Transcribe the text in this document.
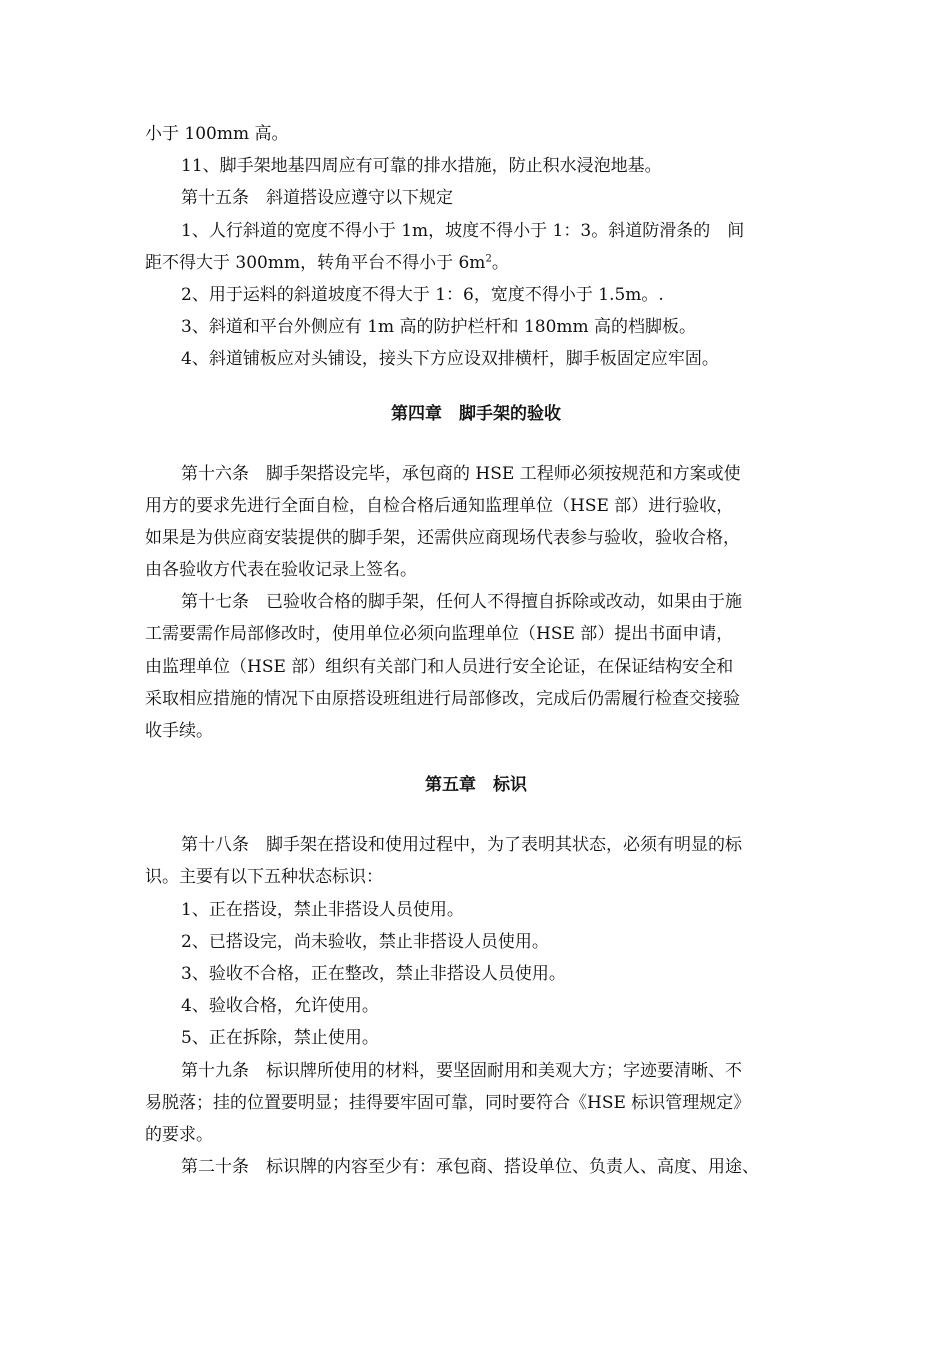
小于 100mm 高。
11、脚手架地基四周应有可靠的排水措施，防止积水浸泡地基。
第十五条　斜道搭设应遵守以下规定
1、人行斜道的宽度不得小于 1m，坡度不得小于 1：3。斜道防滑条的　间
距不得大于 300mm，转角平台不得小于 $6m^2$。
2、用于运料的斜道坡度不得大于 1：6，宽度不得小于 1.5m。.
3、斜道和平台外侧应有 1m 高的防护栏杆和 180mm 高的档脚板。
4、斜道铺板应对头铺设，接头下方应设双排横杆，脚手板固定应牢固。
第四章　脚手架的验收
第十六条　脚手架搭设完毕，承包商的 HSE 工程师必须按规范和方案或使
用方的要求先进行全面自检，自检合格后通知监理单位（HSE 部）进行验收，
如果是为供应商安装提供的脚手架，还需供应商现场代表参与验收，验收合格，
由各验收方代表在验收记录上签名。
第十七条　已验收合格的脚手架，任何人不得擅自拆除或改动，如果由于施
工需要需作局部修改时，使用单位必须向监理单位（HSE 部）提出书面申请，
由监理单位（HSE 部）组织有关部门和人员进行安全论证，在保证结构安全和
采取相应措施的情况下由原搭设班组进行局部修改，完成后仍需履行检查交接验
收手续。
第五章　标识
第十八条　脚手架在搭设和使用过程中，为了表明其状态，必须有明显的标
识。主要有以下五种状态标识：
1、正在搭设，禁止非搭设人员使用。
2、已搭设完，尚未验收，禁止非搭设人员使用。
3、验收不合格，正在整改，禁止非搭设人员使用。
4、验收合格，允许使用。
5、正在拆除，禁止使用。
第十九条　标识牌所使用的材料，要坚固耐用和美观大方；字迹要清晰、不
易脱落；挂的位置要明显；挂得要牢固可靠，同时要符合《HSE 标识管理规定》
的要求。
第二十条　标识牌的内容至少有：承包商、搭设单位、负责人、高度、用途、
